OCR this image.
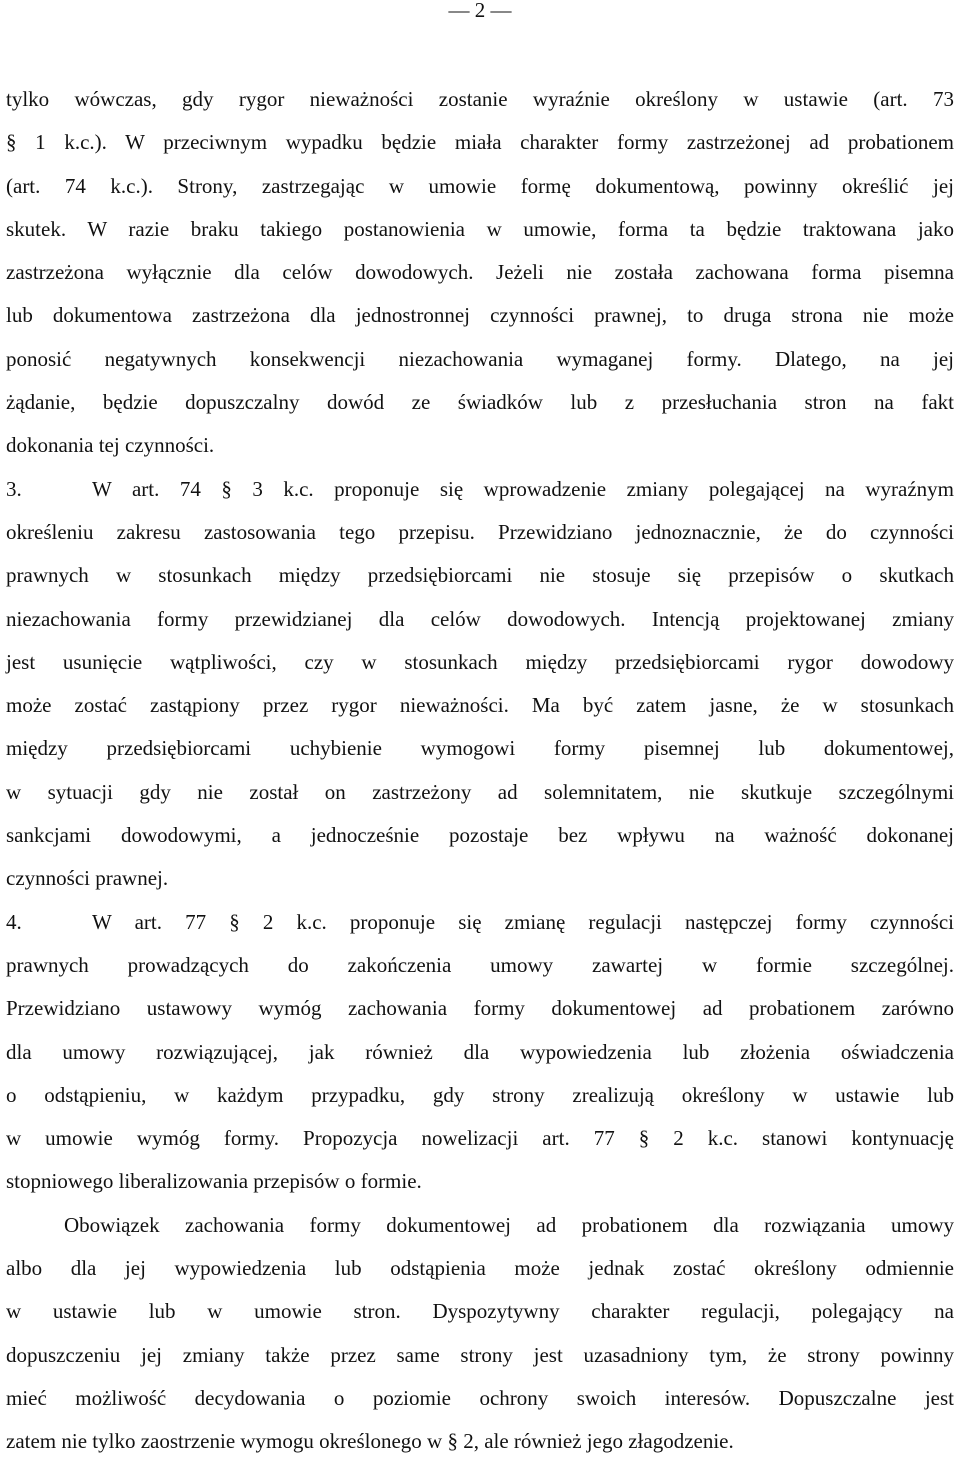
— 2 —
tylko wówczas, gdy rygor nieważności zostanie wyraźnie określony w ustawie (art. 73
§ 1 k.c.). W przeciwnym wypadku będzie miała charakter formy zastrzeżonej ad probationem
(art. 74 k.c.). Strony, zastrzegając w umowie formę dokumentową, powinny określić jej
skutek. W razie braku takiego postanowienia w umowie, forma ta będzie traktowana jako
zastrzeżona wyłącznie dla celów dowodowych. Jeżeli nie została zachowana forma pisemna
lub dokumentowa zastrzeżona dla jednostronnej czynności prawnej, to druga strona nie może
ponosić negatywnych konsekwencji niezachowania wymaganej formy. Dlatego, na jej
żądanie, będzie dopuszczalny dowód ze świadków lub z przesłuchania stron na fakt
dokonania tej czynności.
3.	W art. 74 § 3 k.c. proponuje się wprowadzenie zmiany polegającej na wyraźnym
określeniu zakresu zastosowania tego przepisu. Przewidziano jednoznacznie, że do czynności
prawnych w stosunkach między przedsiębiorcami nie stosuje się przepisów o skutkach
niezachowania formy przewidzianej dla celów dowodowych. Intencją projektowanej zmiany
jest usunięcie wątpliwości, czy w stosunkach między przedsiębiorcami rygor dowodowy
może zostać zastąpiony przez rygor nieważności. Ma być zatem jasne, że w stosunkach
między przedsiębiorcami uchybienie wymogowi formy pisemnej lub dokumentowej,
w sytuacji gdy nie został on zastrzeżony ad solemnitatem, nie skutkuje szczególnymi
sankcjami dowodowymi, a jednocześnie pozostaje bez wpływu na ważność dokonanej
czynności prawnej.
4.	W art. 77 § 2 k.c. proponuje się zmianę regulacji następczej formy czynności
prawnych prowadzących do zakończenia umowy zawartej w formie szczególnej.
Przewidziano ustawowy wymóg zachowania formy dokumentowej ad probationem zarówno
dla umowy rozwiązującej, jak również dla wypowiedzenia lub złożenia oświadczenia
o odstąpieniu, w każdym przypadku, gdy strony zrealizują określony w ustawie lub
w umowie wymóg formy. Propozycja nowelizacji art. 77 § 2 k.c. stanowi kontynuację
stopniowego liberalizowania przepisów o formie.
Obowiązek zachowania formy dokumentowej ad probationem dla rozwiązania umowy
albo dla jej wypowiedzenia lub odstąpienia może jednak zostać określony odmiennie
w ustawie lub w umowie stron. Dyspozytywny charakter regulacji, polegający na
dopuszczeniu jej zmiany także przez same strony jest uzasadniony tym, że strony powinny
mieć możliwość decydowania o poziomie ochrony swoich interesów. Dopuszczalne jest
zatem nie tylko zaostrzenie wymogu określonego w § 2, ale również jego złagodzenie.
